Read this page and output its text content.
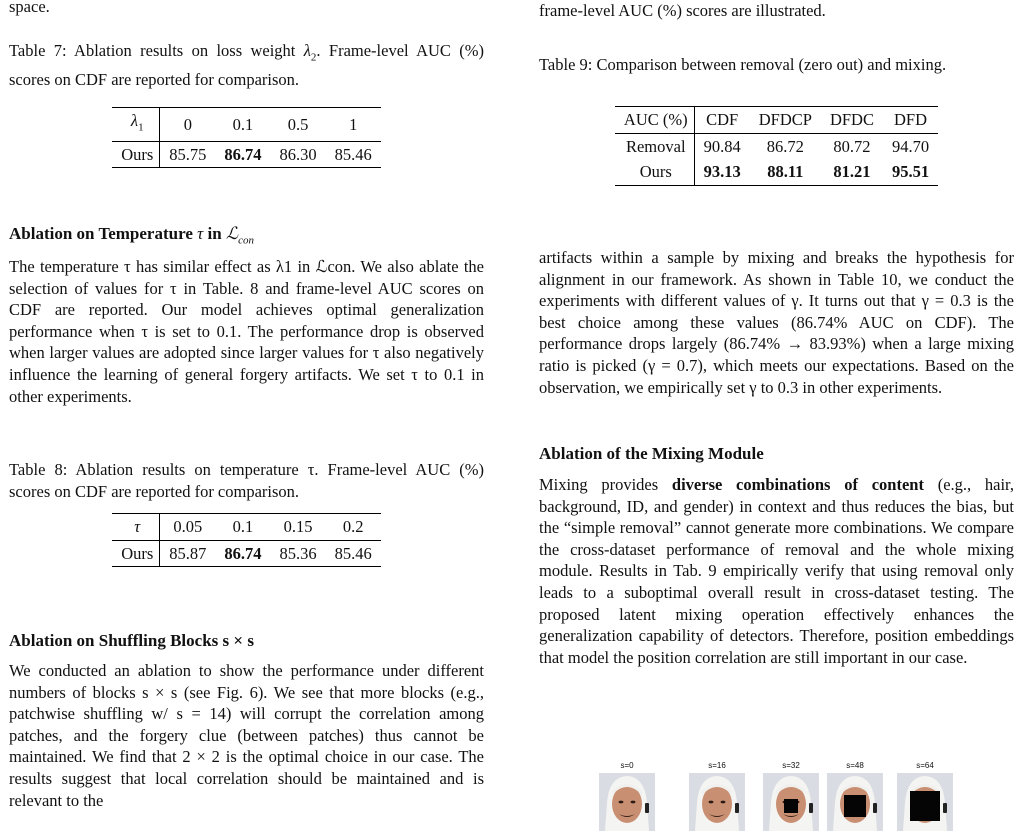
space.

Table 7: Ablation results on loss weight $\lambda_2$. Frame-level AUC (%) scores on CDF are reported for comparison.

$\lambda_1$	0	0.1	0.5	1
Ours	85.75	86.74	86.30	85.46
Ablation on Temperature τ in ℒ$_{con}$

The temperature τ has similar effect as λ1 in ℒcon. We also ablate the selection of values for τ in Table. 8 and frame-level AUC scores on CDF are reported. Our model achieves optimal generalization performance when τ is set to 0.1. The performance drop is observed when larger values are adopted since larger values for τ also negatively influence the learning of general forgery artifacts. We set τ to 0.1 in other experiments.

Table 8: Ablation results on temperature τ. Frame-level AUC (%) scores on CDF are reported for comparison.

τ	0.05	0.1	0.15	0.2
Ours	85.87	86.74	85.36	85.46
Ablation on Shuffling Blocks s × s

We conducted an ablation to show the performance under different numbers of blocks s × s (see Fig. 6). We see that more blocks (e.g., patchwise shuffling w/ s = 14) will corrupt the correlation among patches, and the forgery clue (between patches) thus cannot be maintained. We find that 2 × 2 is the optimal choice in our case. The results suggest that local correlation should be maintained and is relevant to the

frame-level AUC (%) scores are illustrated.

Table 9: Comparison between removal (zero out) and mixing.

AUC (%)	CDF	DFDCP	DFDC	DFD
Removal	90.84	86.72	80.72	94.70
Ours	93.13	88.11	81.21	95.51

artifacts within a sample by mixing and breaks the hypothesis for alignment in our framework. As shown in Table 10, we conduct the experiments with different values of γ. It turns out that γ = 0.3 is the best choice among these values (86.74% AUC on CDF). The performance drops largely (86.74% → 83.93%) when a large mixing ratio is picked (γ = 0.7), which meets our expectations. Based on the observation, we empirically set γ to 0.3 in other experiments.

Ablation of the Mixing Module

Mixing provides diverse combinations of content (e.g., hair, background, ID, and gender) in context and thus reduces the bias, but the “simple removal” cannot generate more combinations. We compare the cross-dataset performance of removal and the whole mixing module. Results in Tab. 9 empirically verify that using removal only leads to a suboptimal overall result in cross-dataset testing. The proposed latent mixing operation effectively enhances the generalization capability of detectors. Therefore, position embeddings that model the position correlation are still important in our case.

s=0	s=16	s=32	s=48	s=64
